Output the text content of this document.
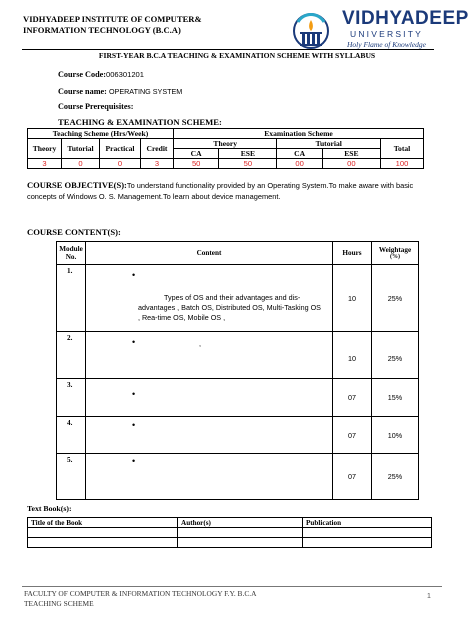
VIDHYADEEP INSTITUTE OF COMPUTER&
INFORMATION TECHNOLOGY (B.C.A)
VIDHYADEEP
UNIVERSITY
Holy Flame of Knowledge
FIRST-YEAR B.C.A TEACHING & EXAMINATION SCHEME WITH SYLLABUS
Course Code:006301201
Course name: OPERATING SYSTEM
Course Prerequisites:
TEACHING & EXAMINATION SCHEME:
Teaching Scheme (Hrs/Week)				Examination Scheme				
Theory	Tutorial	Practical	Credit	Theory		Tutorial		Total
				CA	ESE	CA	ESE	
3	0	0	3	50	50	00	00	100
COURSE OBJECTIVE(S):To understand functionality provided by an Operating System.To make aware with basic concepts of Windows O. S. Management.To learn about device management.
COURSE CONTENT(S):
Module No.	Content	Hours	Weightage
(%)

1.	•
Types of OS and their advantages and dis-advantages , Batch OS, Distributed OS, Multi-Tasking OS , Rea-time OS, Mobile OS ,	10	25%
2.	• ,	10	25%
3.	•	07	15%
4.	•	07	10%
5.	•	07	25%
Text Book(s):
Title of the Book	Author(s)	Publication

FACULTY OF COMPUTER & INFORMATION TECHNOLOGY F.Y. B.C.A
TEACHING SCHEME
1
